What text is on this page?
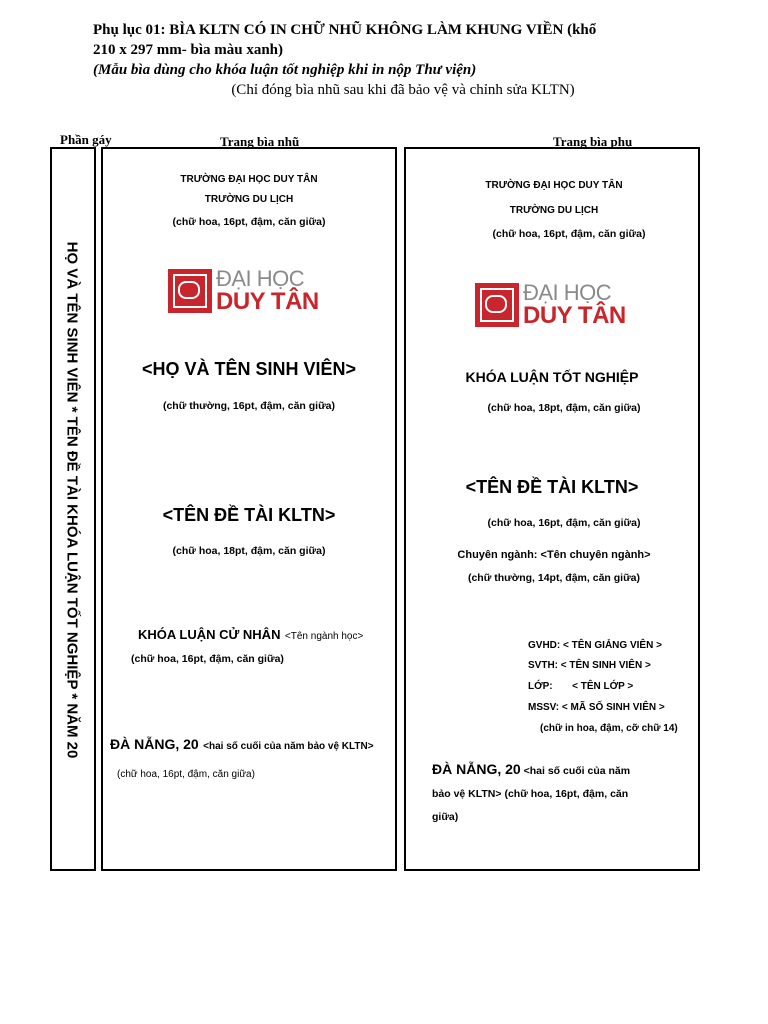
Phụ lục 01: BÌA KLTN CÓ IN CHỮ NHŨ KHÔNG LÀM KHUNG VIỀN (khổ
210 x 297 mm- bìa màu xanh)
(Mẫu bìa dùng cho khóa luận tốt nghiệp khi in nộp Thư viện)
(Chỉ đóng bìa nhũ sau khi đã bảo vệ và chỉnh sửa KLTN)
Phần gáy	Trang bìa nhũ	Trang bìa phụ
HỌ VÀ TÊN SINH VIÊN * TÊN ĐỀ TÀI KHÓA LUẬN TỐT NGHIỆP * NĂM 20
TRƯỜNG ĐẠI HỌC DUY TÂN
TRƯỜNG DU LỊCH
(chữ hoa, 16pt, đậm, căn giữa)
ĐẠI HỌC
DUY TÂN
<HỌ VÀ TÊN SINH VIÊN>
(chữ thường, 16pt, đậm, căn giữa)
<TÊN ĐỀ TÀI KLTN>
(chữ hoa, 18pt, đậm, căn giữa)
KHÓA LUẬN CỬ NHÂN <Tên ngành học>
(chữ hoa, 16pt, đậm, căn giữa)
ĐÀ NẴNG, 20 <hai số cuối của năm bảo vệ KLTN>
(chữ hoa, 16pt, đậm, căn giữa)
TRƯỜNG ĐẠI HỌC DUY TÂN
TRƯỜNG DU LỊCH
(chữ hoa, 16pt, đậm, căn giữa)
ĐẠI HỌC
DUY TÂN
KHÓA LUẬN TỐT NGHIỆP
(chữ hoa, 18pt, đậm, căn giữa)
<TÊN ĐỀ TÀI KLTN>
(chữ hoa, 16pt, đậm, căn giữa)
Chuyên ngành: <Tên chuyên ngành>
(chữ thường, 14pt, đậm, căn giữa)
GVHD: < TÊN GIẢNG VIÊN >
SVTH: < TÊN SINH VIÊN >
LỚP:       < TÊN LỚP >
MSSV: < MÃ SỐ SINH VIÊN >
(chữ in hoa, đậm, cỡ chữ 14)
ĐÀ NẴNG, 20 <hai số cuối của năm
bảo vệ KLTN> (chữ hoa, 16pt, đậm, căn
giữa)
